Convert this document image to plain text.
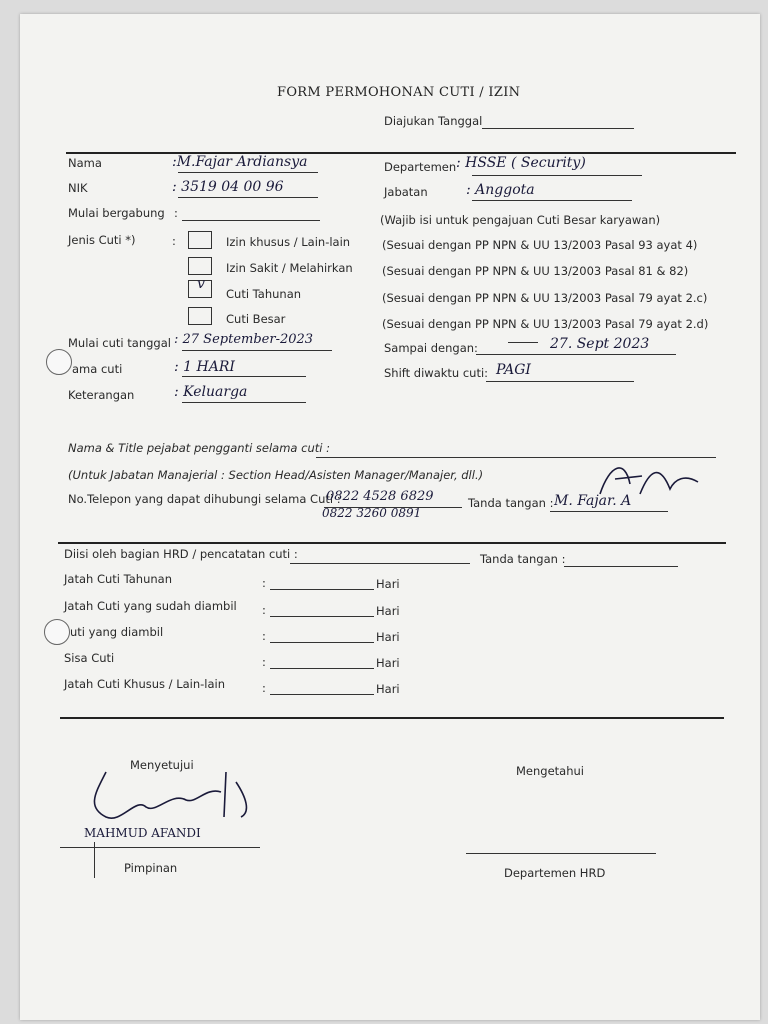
FORM PERMOHONAN CUTI / IZIN
Diajukan Tanggal
Nama	:M.Fajar Ardiansya
NIK	: 3519 04 00 96
Mulai bergabung :
Departemen : HSSE ( Security)
Jabatan	: Anggota
(Wajib isi untuk pengajuan Cuti Besar karyawan)
Jenis Cuti *)	:	Izin khusus / Lain-lain	(Sesuai dengan PP NPN & UU 13/2003 Pasal 93 ayat 4)
Izin Sakit / Melahirkan	(Sesuai dengan PP NPN & UU 13/2003 Pasal 81 & 82)
v
Cuti Tahunan	(Sesuai dengan PP NPN & UU 13/2003 Pasal 79 ayat 2.c)
Cuti Besar	(Sesuai dengan PP NPN & UU 13/2003 Pasal 79 ayat 2.d)
Mulai cuti tanggal : 27 September-2023
ama cuti	: 1 HARI
Keterangan	: Keluarga
Sampai dengan:	27. Sept 2023
Shift diwaktu cuti: PAGI
Nama & Title pejabat pengganti selama cuti :
(Untuk Jabatan Manajerial : Section Head/Asisten Manager/Manajer, dll.)
No.Telepon yang dapat dihubungi selama Cuti :
0822 4528 6829
0822 3260 0891
Tanda tangan : M. Fajar. A
Diisi oleh bagian HRD / pencatatan cuti :	Tanda tangan :
Jatah Cuti Tahunan	:	Hari
Jatah Cuti yang sudah diambil :	Hari
uti yang diambil	:	Hari
Sisa Cuti	:	Hari
Jatah Cuti Khusus / Lain-lain	:	Hari
Menyetujui
MAHMUD AFANDI
Pimpinan
Mengetahui
Departemen HRD
